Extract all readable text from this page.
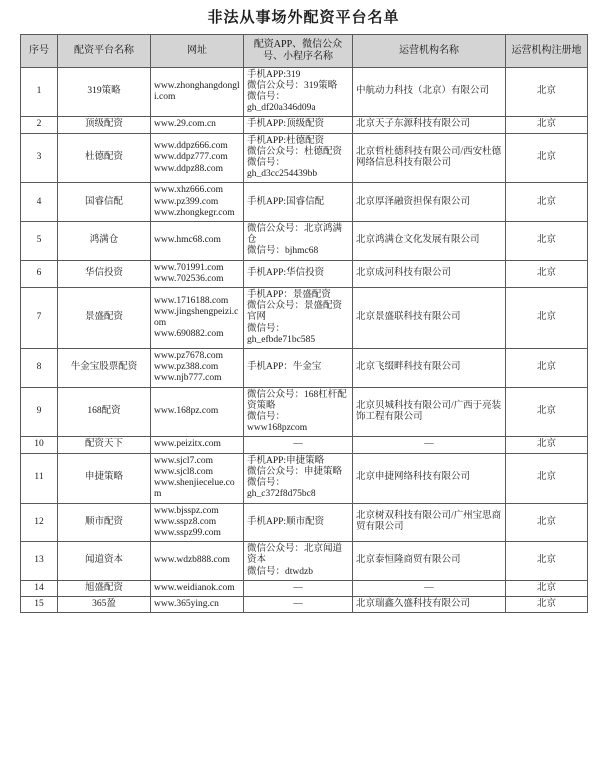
非法从事场外配资平台名单
序号	配资平台名称	网址	配资APP、微信公众号、小程序名称	运营机构名称	运营机构注册地
1	319策略	www.zhonghangdongli.com	手机APP:319
微信公众号：319策略
微信号：
gh_df20a346d09a	中航动力科技（北京）有限公司	北京
2	顶级配资	www.29.com.cn	手机APP:顶级配资	北京天子东源科技有限公司	北京
3	杜德配资	www.ddpz666.com
www.ddpz777.com
www.ddpz88.com	手机APP:杜德配资
微信公众号：杜德配资
微信号：
gh_d3cc254439bb	北京哲杜德科技有限公司/西安杜德网络信息科技有限公司	北京
4	国睿信配	www.xhz666.com
www.pz399.com
www.zhongkegr.com	手机APP:国睿信配	北京厚泽融资担保有限公司	北京
5	鸿满仓	www.hmc68.com	微信公众号：北京鸿满仓
微信号：bjhmc68	北京鸿满仓文化发展有限公司	北京
6	华信投资	www.701991.com
www.702536.com	手机APP:华信投资	北京成河科技有限公司	北京
7	景盛配资	www.1716188.com
www.jingshengpeizi.com
www.690882.com	手机APP：景盛配资
微信公众号：景盛配资官网
微信号：
gh_efbde71bc585	北京景盛联科技有限公司	北京
8	牛金宝股票配资	www.pz7678.com
www.pz388.com
www.njb777.com	手机APP：牛金宝	北京飞缀畔科技有限公司	北京
9	168配资	www.168pz.com	微信公众号：168杠杆配资策略
微信号：
www168pzcom	北京贝城科技有限公司/广西于亮装饰工程有限公司	北京
10	配资天下	www.peizitx.com	—	—	北京
11	申捷策略	www.sjcl7.com
www.sjcl8.com
www.shenjiecelue.com	手机APP:申捷策略
微信公众号：申捷策略
微信号：
gh_c372f8d75bc8	北京申捷网络科技有限公司	北京
12	顺市配资	www.bjsspz.com
www.sspz8.com
www.sspz99.com	手机APP:顺市配资	北京树双科技有限公司/广州宝思商贸有限公司	北京
13	闻道资本	www.wdzb888.com	微信公众号：北京闻道资本
微信号：dtwdzb	北京泰恒隆商贸有限公司	北京
14	旭盛配资	www.weidianok.com	—	—	北京
15	365盈	www.365ying.cn	—	北京瑞鑫久盛科技有限公司	北京
